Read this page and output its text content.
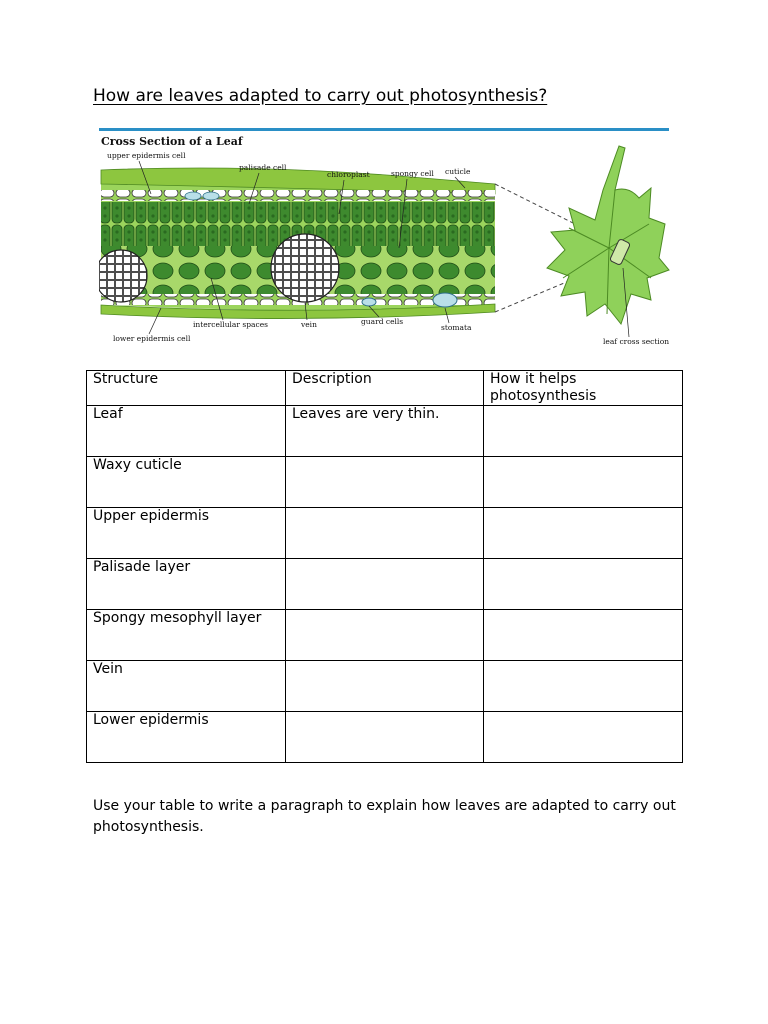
How are leaves adapted to carry out photosynthesis?
Cross Section of a Leaf
upper epidermis cell
palisade cell
chloroplast	spongy cell cuticle
lower epidermis cell
intercellular spaces	vein	guard cells
stomata
leaf cross section
Structure	Description	How it helps photosynthesis
Leaf	Leaves are very thin.	
Waxy cuticle		
Upper epidermis		
Palisade layer		
Spongy mesophyll layer		
Vein		
Lower epidermis		

Use your table to write a paragraph to explain how leaves are adapted to carry out photosynthesis.
